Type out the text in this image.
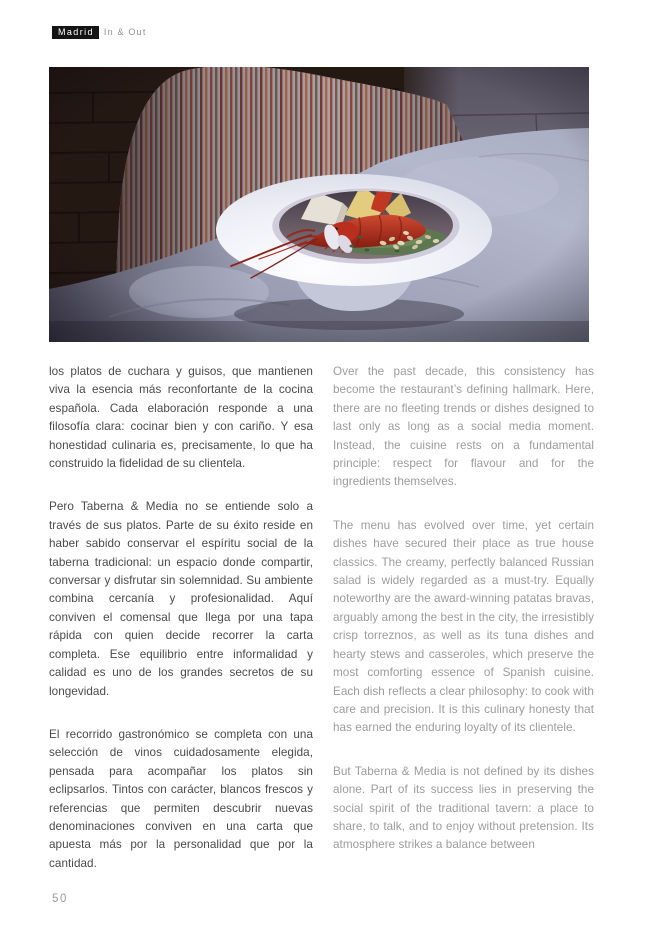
Madrid	In & Out

los platos de cuchara y guisos, que mantienen viva la esencia más reconfortante de la cocina española. Cada elaboración responde a una filosofía clara: cocinar bien y con cariño. Y esa honestidad culinaria es, precisamente, lo que ha construido la fidelidad de su clientela.

Pero Taberna & Media no se entiende solo a través de sus platos. Parte de su éxito reside en haber sabido conservar el espíritu social de la taberna tradicional: un espacio donde compartir, conversar y disfrutar sin solemnidad. Su ambiente combina cercanía y profesionalidad. Aquí conviven el comensal que llega por una tapa rápida con quien decide recorrer la carta completa. Ese equilibrio entre informalidad y calidad es uno de los grandes secretos de su longevidad.

El recorrido gastronómico se completa con una selección de vinos cuidadosamente elegida, pensada para acompañar los platos sin eclipsarlos. Tintos con carácter, blancos frescos y referencias que permiten descubrir nuevas denominaciones conviven en una carta que apuesta más por la personalidad que por la cantidad.

Over the past decade, this consistency has become the restaurant’s defining hallmark. Here, there are no fleeting trends or dishes designed to last only as long as a social media moment. Instead, the cuisine rests on a fundamental principle: respect for flavour and for the ingredients themselves.

The menu has evolved over time, yet certain dishes have secured their place as true house classics. The creamy, perfectly balanced Russian salad is widely regarded as a must-try. Equally noteworthy are the award-winning patatas bravas, arguably among the best in the city, the irresistibly crisp torreznos, as well as its tuna dishes and hearty stews and casseroles, which preserve the most comforting essence of Spanish cuisine. Each dish reflects a clear philosophy: to cook with care and precision. It is this culinary honesty that has earned the enduring loyalty of its clientele.

But Taberna & Media is not defined by its dishes alone. Part of its success lies in preserving the social spirit of the traditional tavern: a place to share, to talk, and to enjoy without pretension. Its atmosphere strikes a balance between

50
